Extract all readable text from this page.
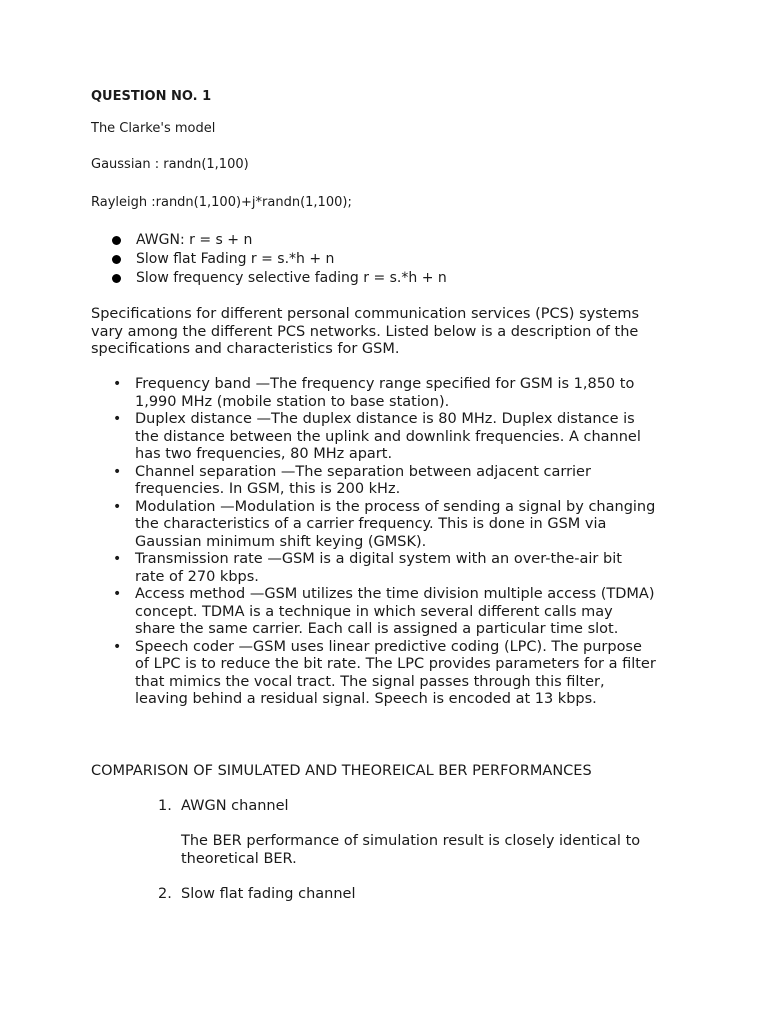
QUESTION NO. 1
The Clarke's model
Gaussian : randn(1,100)
Rayleigh :randn(1,100)+j*randn(1,100);
AWGN: r = s + n
Slow flat Fading r = s.*h + n
Slow frequency selective fading r = s.*h + n
Specifications for different personal communication services (PCS) systems
vary among the different PCS networks. Listed below is a description of the
specifications and characteristics for GSM.
• Frequency band —The frequency range specified for GSM is 1,850 to
1,990 MHz (mobile station to base station).
• Duplex distance —The duplex distance is 80 MHz. Duplex distance is
the distance between the uplink and downlink frequencies. A channel
has two frequencies, 80 MHz apart.
• Channel separation —The separation between adjacent carrier
frequencies. In GSM, this is 200 kHz.
• Modulation —Modulation is the process of sending a signal by changing
the characteristics of a carrier frequency. This is done in GSM via
Gaussian minimum shift keying (GMSK).
• Transmission rate —GSM is a digital system with an over-the-air bit
rate of 270 kbps.
• Access method —GSM utilizes the time division multiple access (TDMA)
concept. TDMA is a technique in which several different calls may
share the same carrier. Each call is assigned a particular time slot.
• Speech coder —GSM uses linear predictive coding (LPC). The purpose
of LPC is to reduce the bit rate. The LPC provides parameters for a filter
that mimics the vocal tract. The signal passes through this filter,
leaving behind a residual signal. Speech is encoded at 13 kbps.
COMPARISON OF SIMULATED AND THEOREICAL BER PERFORMANCES
1. AWGN channel
The BER performance of simulation result is closely identical to
theoretical BER.
2. Slow flat fading channel
